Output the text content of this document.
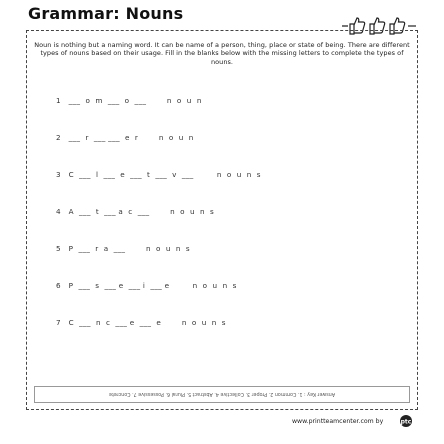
Grammar: Nouns
Noun is nothing but a naming word. It can be name of a person, thing, place or state of being. There are different types of nouns based on their usage. Fill in the blanks below with the missing letters to complete the types of nouns.
1 ___  o  m  ___  o  ___        n  o  u  n
2 ___  r  ___ ___  e  r        n  o  u  n
3 C  ___  l  ___  e  ___  t  ___  v  ___         n  o  u  n  s
4 A  ___  t  ___ a  c  ___        n  o  u  n  s
5 P  ___  r  a  ___        n  o  u  n  s
6 P  ___  s  ___ e  ___ i  ___ e         n  o  u  n  s
7 C  ___  n  c  ___ e  ___  e        n  o  u  n  s
Answer Key : 1. Common 2. Proper 3. Collective 4. Abstract 5. Plural 6. Possessive 7. Concrete
www.printteamcenter.com by	ptc
